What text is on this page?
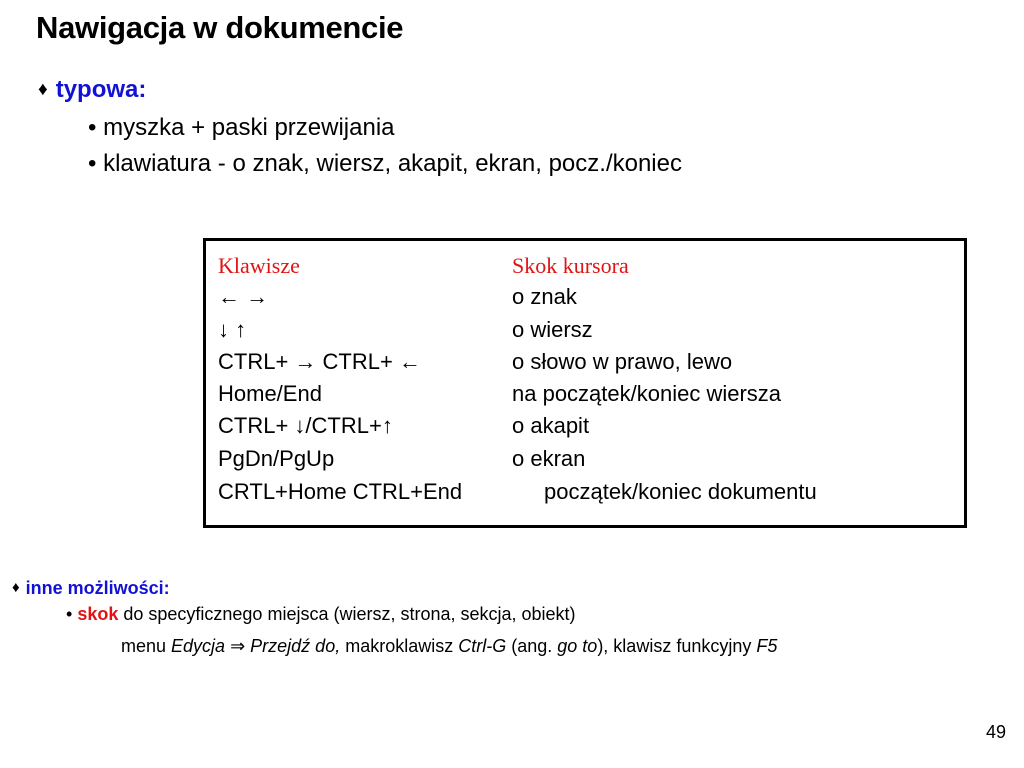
Nawigacja w dokumencie
♦ typowa:
• myszka + paski przewijania
• klawiatura - o znak, wiersz, akapit, ekran, pocz./koniec
Klawisze	Skok kursora
← →	o znak
↓ ↑	o wiersz
CTRL+ → CTRL+ ←	o słowo w prawo, lewo
Home/End	na początek/koniec wiersza
CTRL+ ↓/CTRL+↑	o akapit
PgDn/PgUp	o ekran
CRTL+Home CTRL+End	początek/koniec dokumentu
♦ inne możliwości:
• skok do specyficznego miejsca (wiersz, strona, sekcja, obiekt)
menu Edycja ⇒ Przejdź do, makroklawisz Ctrl-G (ang. go to), klawisz funkcyjny F5
49
